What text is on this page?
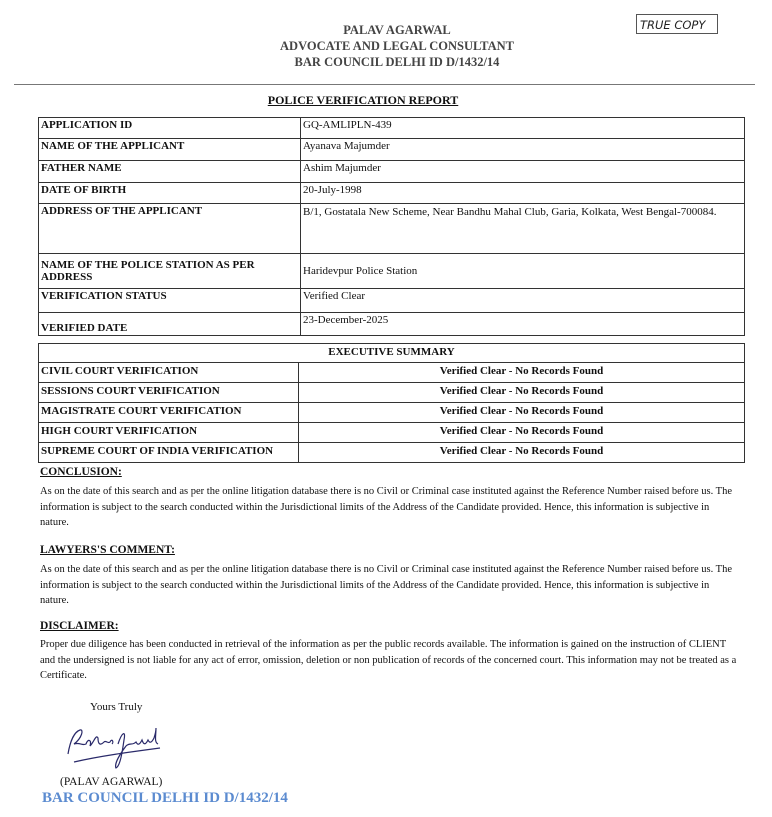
PALAV AGARWAL
ADVOCATE AND LEGAL CONSULTANT
BAR COUNCIL DELHI ID D/1432/14
TRUE COPY
POLICE VERIFICATION REPORT
APPLICATION ID	GQ-AMLIPLN-439
NAME OF THE APPLICANT	Ayanava Majumder
FATHER NAME	Ashim Majumder
DATE OF BIRTH	20-July-1998
ADDRESS OF THE APPLICANT	B/1, Gostatala New Scheme, Near Bandhu Mahal Club, Garia, Kolkata, West Bengal-700084.
NAME OF THE POLICE STATION AS PER ADDRESS	Haridevpur Police Station
VERIFICATION STATUS	Verified Clear
VERIFIED DATE	23-December-2025
EXECUTIVE SUMMARY	
CIVIL COURT VERIFICATION	Verified Clear - No Records Found
SESSIONS COURT VERIFICATION	Verified Clear - No Records Found
MAGISTRATE COURT VERIFICATION	Verified Clear - No Records Found
HIGH COURT VERIFICATION	Verified Clear - No Records Found
SUPREME COURT OF INDIA VERIFICATION	Verified Clear - No Records Found
CONCLUSION:
As on the date of this search and as per the online litigation database there is no Civil or Criminal case instituted against the Reference Number raised before us. The information is subject to the search conducted within the Jurisdictional limits of the Address of the Candidate provided. Hence, this information is subjective in nature.
LAWYERS'S COMMENT:
As on the date of this search and as per the online litigation database there is no Civil or Criminal case instituted against the Reference Number raised before us. The information is subject to the search conducted within the Jurisdictional limits of the Address of the Candidate provided. Hence, this information is subjective in nature.
DISCLAIMER:
Proper due diligence has been conducted in retrieval of the information as per the public records available. The information is gained on the instruction of CLIENT and the undersigned is not liable for any act of error, omission, deletion or non publication of records of the concerned court. This information may not be treated as a Certificate.
Yours Truly
(PALAV AGARWAL)
BAR COUNCIL DELHI ID D/1432/14
